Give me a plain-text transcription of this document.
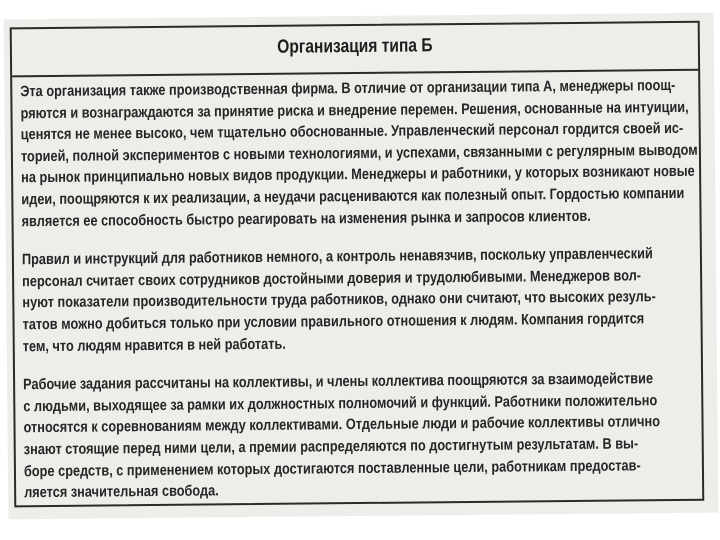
Организация типа Б
Эта организация также производственная фирма. В отличие от организации типа А, менеджеры поощ-
ряются и вознаграждаются за принятие риска и внедрение перемен. Решения, основанные на интуиции,
ценятся не менее высоко, чем тщательно обоснованные. Управленческий персонал гордится своей ис-
торией, полной экспериментов с новыми технологиями, и успехами, связанными с регулярным выводом
на рынок принципиально новых видов продукции. Менеджеры и работники, у которых возникают новые
идеи, поощряются к их реализации, а неудачи расцениваются как полезный опыт. Гордостью компании
является ее способность быстро реагировать на изменения рынка и запросов клиентов.
Правил и инструкций для работников немного, а контроль ненавязчив, поскольку управленческий
персонал считает своих сотрудников достойными доверия и трудолюбивыми. Менеджеров вол-
нуют показатели производительности труда работников, однако они считают, что высоких резуль-
татов можно добиться только при условии правильного отношения к людям. Компания гордится
тем, что людям нравится в ней работать.
Рабочие задания рассчитаны на коллективы, и члены коллектива поощряются за взаимодействие
с людьми, выходящее за рамки их должностных полномочий и функций. Работники положительно
относятся к соревнованиям между коллективами. Отдельные люди и рабочие коллективы отлично
знают стоящие перед ними цели, а премии распределяются по достигнутым результатам. В вы-
боре средств, с применением которых достигаются поставленные цели, работникам предостав-
ляется значительная свобода.
